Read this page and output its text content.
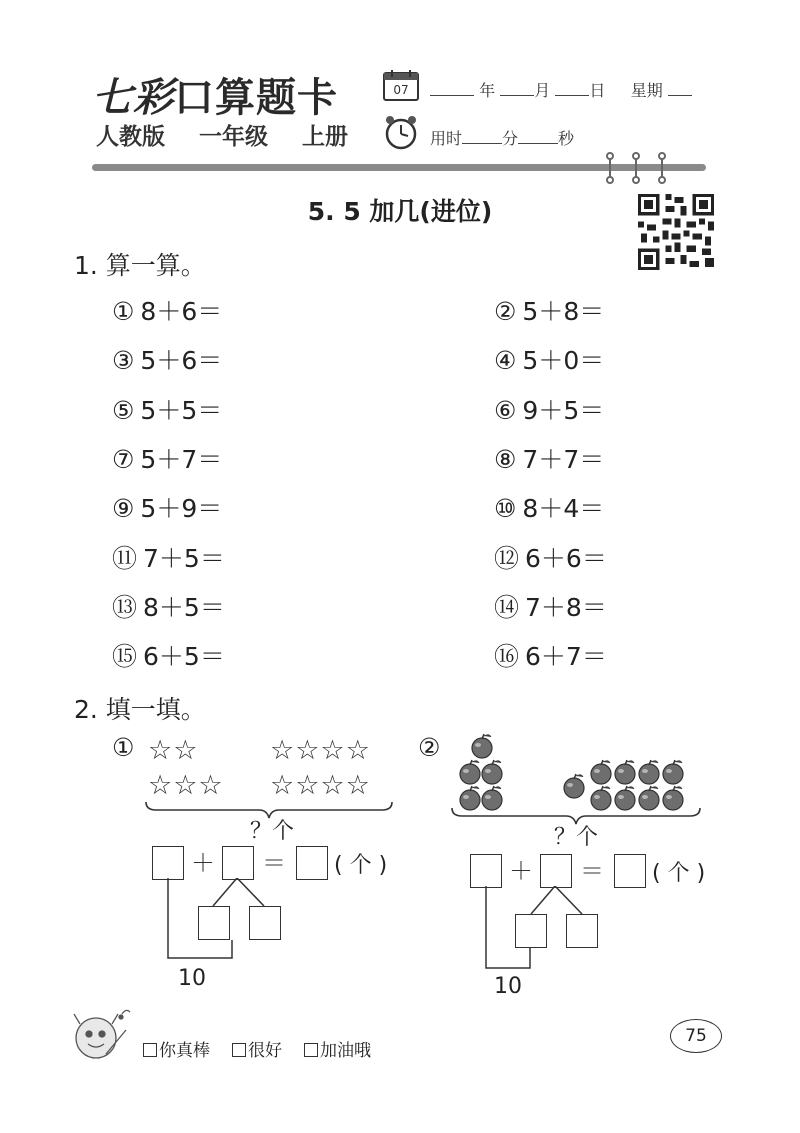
七彩口算题卡
人教版 一年级 上册
07	年 月 日 星期
用时	分	秒
5. 5 加几(进位)
1. 算一算。
① 8＋6＝	② 5＋8＝
③ 5＋6＝	④ 5＋0＝
⑤ 5＋5＝	⑥ 9＋5＝
⑦ 5＋7＝	⑧ 7＋7＝
⑨ 5＋9＝	⑩ 8＋4＝
⑪ 7＋5＝	⑫ 6＋6＝
⑬ 8＋5＝	⑭ 7＋8＝
⑮ 6＋5＝	⑯ 6＋7＝
2. 填一填。
① ☆☆
☆☆☆
☆☆☆☆
☆☆☆☆
？个
＋ ＝ ( 个 )
10
②
？个
＋ ＝ ( 个 )
10
你真棒	很好	加油哦
75
